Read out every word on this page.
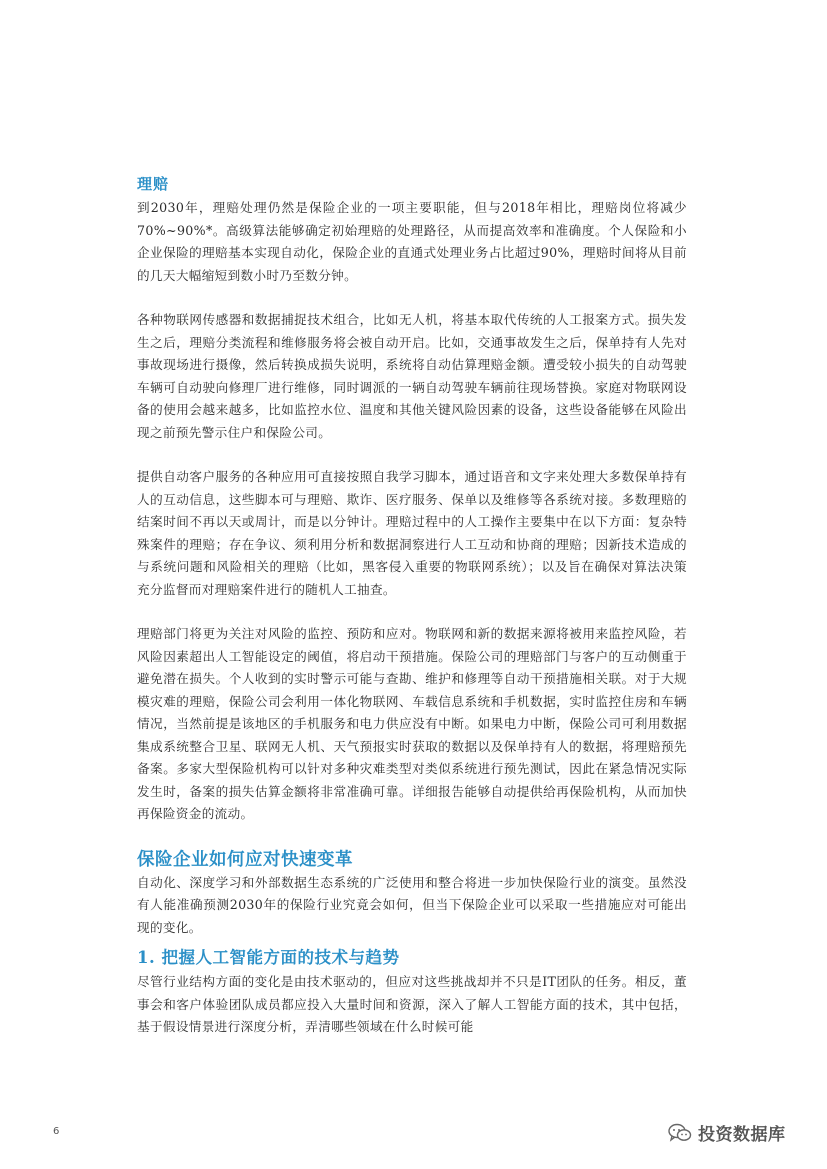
理赔

到2030年，理赔处理仍然是保险企业的一项主要职能，但与2018年相比，理赔岗位将减少70%~90%*。高级算法能够确定初始理赔的处理路径，从而提高效率和准确度。个人保险和小企业保险的理赔基本实现自动化，保险企业的直通式处理业务占比超过90%，理赔时间将从目前的几天大幅缩短到数小时乃至数分钟。

各种物联网传感器和数据捕捉技术组合，比如无人机，将基本取代传统的人工报案方式。损失发生之后，理赔分类流程和维修服务将会被自动开启。比如，交通事故发生之后，保单持有人先对事故现场进行摄像，然后转换成损失说明，系统将自动估算理赔金额。遭受较小损失的自动驾驶车辆可自动驶向修理厂进行维修，同时调派的一辆自动驾驶车辆前往现场替换。家庭对物联网设备的使用会越来越多，比如监控水位、温度和其他关键风险因素的设备，这些设备能够在风险出现之前预先警示住户和保险公司。

提供自动客户服务的各种应用可直接按照自我学习脚本，通过语音和文字来处理大多数保单持有人的互动信息，这些脚本可与理赔、欺诈、医疗服务、保单以及维修等各系统对接。多数理赔的结案时间不再以天或周计，而是以分钟计。理赔过程中的人工操作主要集中在以下方面：复杂特殊案件的理赔；存在争议、须利用分析和数据洞察进行人工互动和协商的理赔；因新技术造成的与系统问题和风险相关的理赔（比如，黑客侵入重要的物联网系统）；以及旨在确保对算法决策充分监督而对理赔案件进行的随机人工抽查。

理赔部门将更为关注对风险的监控、预防和应对。物联网和新的数据来源将被用来监控风险，若风险因素超出人工智能设定的阈值，将启动干预措施。保险公司的理赔部门与客户的互动侧重于避免潜在损失。个人收到的实时警示可能与查勘、维护和修理等自动干预措施相关联。对于大规模灾难的理赔，保险公司会利用一体化物联网、车载信息系统和手机数据，实时监控住房和车辆情况，当然前提是该地区的手机服务和电力供应没有中断。如果电力中断，保险公司可利用数据集成系统整合卫星、联网无人机、天气预报实时获取的数据以及保单持有人的数据，将理赔预先备案。多家大型保险机构可以针对多种灾难类型对类似系统进行预先测试，因此在紧急情况实际发生时，备案的损失估算金额将非常准确可靠。详细报告能够自动提供给再保险机构，从而加快再保险资金的流动。

保险企业如何应对快速变革

自动化、深度学习和外部数据生态系统的广泛使用和整合将进一步加快保险行业的演变。虽然没有人能准确预测2030年的保险行业究竟会如何，但当下保险企业可以采取一些措施应对可能出现的变化。

1. 把握人工智能方面的技术与趋势

尽管行业结构方面的变化是由技术驱动的，但应对这些挑战却并不只是IT团队的任务。相反，董事会和客户体验团队成员都应投入大量时间和资源，深入了解人工智能方面的技术，其中包括，基于假设情景进行深度分析，弄清哪些领域在什么时候可能

6	投资数据库
